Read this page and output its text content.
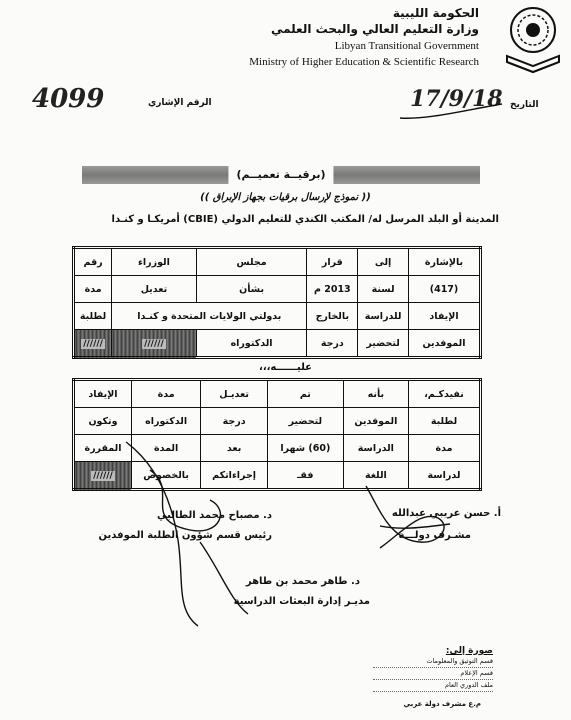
الحكومة الليبية
وزارة التعليم العالي والبحث العلمي
Libyan Transitional Government
Ministry of Higher Education & Scientific Research
4099	الرقم الإشاري	17/9/18 التاريخ
(برقيــة تعميــم)
(( نموذج لإرسال برقيات بجهاز الإبراق ))
المدينة أو البلد المرسل له/ المكتب الكندي للتعليم الدولي (CBIE) أمريكـا و كنـدا
بالإشارة	إلى	قرار	مجلس	الوزراء	رقم
(417)	لسنة	2013 م	بشأن	تعديل	مدة
الإيفاد	للدراسة	بالخارج	بدولتي الولايات المتحدة و كنـدا		لطلبة
الموفدين	لتحضير	درجة	الدكتوراه	//////	//////
عليــــــه،،،
نفيدكـم،	بأنه	تم	تعديـل	مدة	الإيفاد
لطلبة	الموفدين	لتحضير	درجة	الدكتوراه	وتكون
مدة	الدراسة	(60) شهرا	بعد	المدة	المقررة
لدراسة	اللغة	فقـ	إجراءاتكم	بالخصوص	//////
أ. حسن عريبي عبدالله
مشـرف دولـــة
د. مصباح محمد الطالبي
رئيس قسم شؤون الطلبة الموفدين
د. طاهر محمد بن طاهر
مديـر إدارة البعثات الدراسية
صورة إلى:
قسم التوثيق والمعلومات
قسم الإعلام
ملف الدوري العام
م.ع مشرف دولة عربي
